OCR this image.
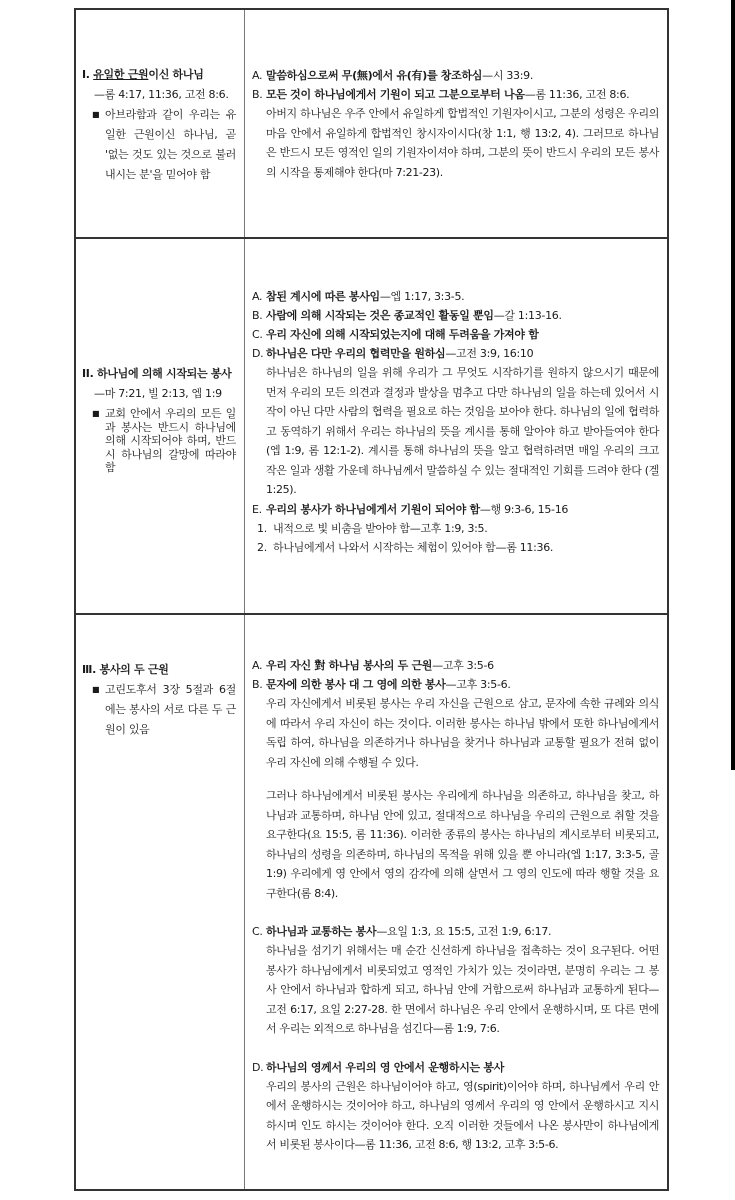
Ⅰ. 유일한 근원이신 하나님
—롬 4:17, 11:36, 고전 8:6.
■ 아브라함과 같이 우리는 유일한 근원이신 하나님, 곧 '없는 것도 있는 것으로 불러내시는 분'을 믿어야 함
A. 말씀하심으로써 무(無)에서 유(有)를 창조하심 —시 33:9.
B. 모든 것이 하나님에게서 기원이 되고 그분으로부터 나옴 —롬 11:36, 고전 8:6.
아버지 하나님은 우주 안에서 유일하게 합법적인 기원자이시고, 그분의 성령은 우리의 마음 안에서 유일하게 합법적인 창시자이시다(창 1:1, 행 13:2, 4). 그러므로 하나님은 반드시 모든 영적인 일의 기원자이셔야 하며, 그분의 뜻이 반드시 우리의 모든 봉사의 시작을 통제해야 한다(마 7:21-23).
II. 하나님에 의해 시작되는 봉사
—마 7:21, 빌 2:13, 엡 1:9
■ 교회 안에서 우리의 모든 일과 봉사는 반드시 하나님에 의해 시작되어야 하며, 반드시 하나님의 갈망에 따라야 함
A. 참된 계시에 따른 봉사임 —엡 1:17, 3:3-5.
B. 사람에 의해 시작되는 것은 종교적인 활동일 뿐임 —갈 1:13-16.
C. 우리 자신에 의해 시작되었는지에 대해 두려움을 가져야 함
D. 하나님은 다만 우리의 협력만을 원하심 —고전 3:9, 16:10
하나님은 하나님의 일을 위해 우리가 그 무엇도 시작하기를 원하지 않으시기 때문에 먼저 우리의 모든 의견과 결정과 발상을 멈추고 다만 하나님의 일을 하는데 있어서 시작이 아닌 다만 사람의 협력을 필요로 하는 것임을 보아야 한다. 하나님의 일에 협력하고 동역하기 위해서 우리는 하나님의 뜻을 계시를 통해 알아야 하고 받아들여야 한다(엡 1:9, 롬 12:1-2). 계시를 통해 하나님의 뜻을 알고 협력하려면 매일 우리의 크고 작은 일과 생활 가운데 하나님께서 말씀하실 수 있는 절대적인 기회를 드려야 한다 (겔 1:25).
E. 우리의 봉사가 하나님에게서 기원이 되어야 함 —행 9:3-6, 15-16
1. 내적으로 빛 비춤을 받아야 함—고후 1:9, 3:5.
2. 하나님에게서 나와서 시작하는 체험이 있어야 함—롬 11:36.
Ⅲ. 봉사의 두 근원
■ 고린도후서 3장 5절과 6절에는 봉사의 서로 다른 두 근원이 있음
A. 우리 자신 對 하나님 봉사의 두 근원 —고후 3:5-6
B. 문자에 의한 봉사 대 그 영에 의한 봉사 —고후 3:5-6.
우리 자신에게서 비롯된 봉사는 우리 자신을 근원으로 삼고, 문자에 속한 규례와 의식에 따라서 우리 자신이 하는 것이다. 이러한 봉사는 하나님 밖에서 또한 하나님에게서 독립 하여, 하나님을 의존하거나 하나님을 찾거나 하나님과 교통할 필요가 전혀 없이 우리 자신에 의해 수행될 수 있다.
그러나 하나님에게서 비롯된 봉사는 우리에게 하나님을 의존하고, 하나님을 찾고, 하나님과 교통하며, 하나님 안에 있고, 절대적으로 하나님을 우리의 근원으로 취할 것을 요구한다(요 15:5, 롬 11:36). 이러한 종류의 봉사는 하나님의 계시로부터 비롯되고, 하나님의 성령을 의존하며, 하나님의 목적을 위해 있을 뿐 아니라(엡 1:17, 3:3-5, 골 1:9) 우리에게 영 안에서 영의 감각에 의해 살면서 그 영의 인도에 따라 행할 것을 요구한다(롬 8:4).
C. 하나님과 교통하는 봉사 —요일 1:3, 요 15:5, 고전 1:9, 6:17.
하나님을 섬기기 위해서는 매 순간 신선하게 하나님을 접촉하는 것이 요구된다. 어떤 봉사가 하나님에게서 비롯되었고 영적인 가치가 있는 것이라면, 분명히 우리는 그 봉사 안에서 하나님과 합하게 되고, 하나님 안에 거함으로써 하나님과 교통하게 된다—고전 6:17, 요일 2:27-28. 한 면에서 하나님은 우리 안에서 운행하시며, 또 다른 면에서 우리는 외적으로 하나님을 섬긴다—롬 1:9, 7:6.
D. 하나님의 영께서 우리의 영 안에서 운행하시는 봉사
우리의 봉사의 근원은 하나님이어야 하고, 영(spirit)이어야 하며, 하나님께서 우리 안에서 운행하시는 것이어야 하고, 하나님의 영께서 우리의 영 안에서 운행하시고 지시하시며 인도 하시는 것이어야 한다. 오직 이러한 것들에서 나온 봉사만이 하나님에게서 비롯된 봉사이다—롬 11:36, 고전 8:6, 행 13:2, 고후 3:5-6.
